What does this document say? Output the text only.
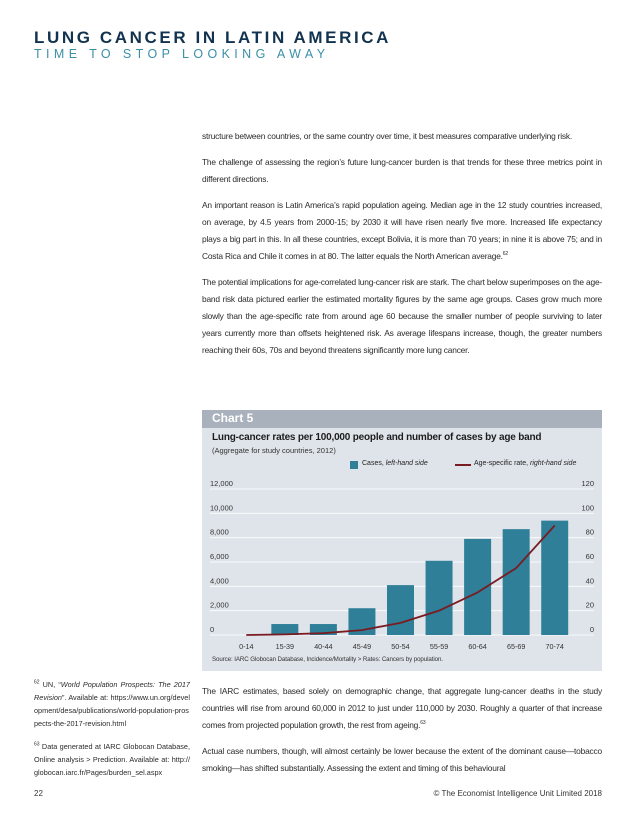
LUNG CANCER IN LATIN AMERICA
TIME TO STOP LOOKING AWAY

structure between countries, or the same country over time, it best measures comparative underlying risk.

The challenge of assessing the region’s future lung-cancer burden is that trends for these three metrics point in different directions.

An important reason is Latin America’s rapid population ageing. Median age in the 12 study countries increased, on average, by 4.5 years from 2000-15; by 2030 it will have risen nearly five more. Increased life expectancy plays a big part in this. In all these countries, except Bolivia, it is more than 70 years; in nine it is above 75; and in Costa Rica and Chile it comes in at 80. The latter equals the North American average.$^{62}$

The potential implications for age-correlated lung-cancer risk are stark. The chart below superimposes on the age-band risk data pictured earlier the estimated mortality figures by the same age groups. Cases grow much more slowly than the age-specific rate from around age 60 because the smaller number of people surviving to later years currently more than offsets heightened risk. As average lifespans increase, though, the greater numbers reaching their 60s, 70s and beyond threatens significantly more lung cancer.

Chart 5
Lung-cancer rates per 100,000 people and number of cases by age band
(Aggregate for study countries, 2012)
Cases, left-hand side	Age-specific rate, right-hand side
0	0
2,000	20
4,000	40
6,000	60
8,000	80
10,000	100
12,000	120
0-14	15-39	40-44	45-49	50-54	55-59	60-64	65-69	70-74
Source: IARC Globocan Database, Incidence/Mortality > Rates: Cancers by population.

$^{62}$ UN, “World Population Prospects: The 2017 Revision”. Available at: https://www.un.org/development/desa/publications/world-population-prospects-the-2017-revision.html

$^{63}$ Data generated at IARC Globocan Database, Online analysis > Prediction. Available at: http://globocan.iarc.fr/Pages/burden_sel.aspx

The IARC estimates, based solely on demographic change, that aggregate lung-cancer deaths in the study countries will rise from around 60,000 in 2012 to just under 110,000 by 2030. Roughly a quarter of that increase comes from projected population growth, the rest from ageing.$^{63}$

Actual case numbers, though, will almost certainly be lower because the extent of the dominant cause—tobacco smoking—has shifted substantially. Assessing the extent and timing of this behavioural

22	© The Economist Intelligence Unit Limited 2018
